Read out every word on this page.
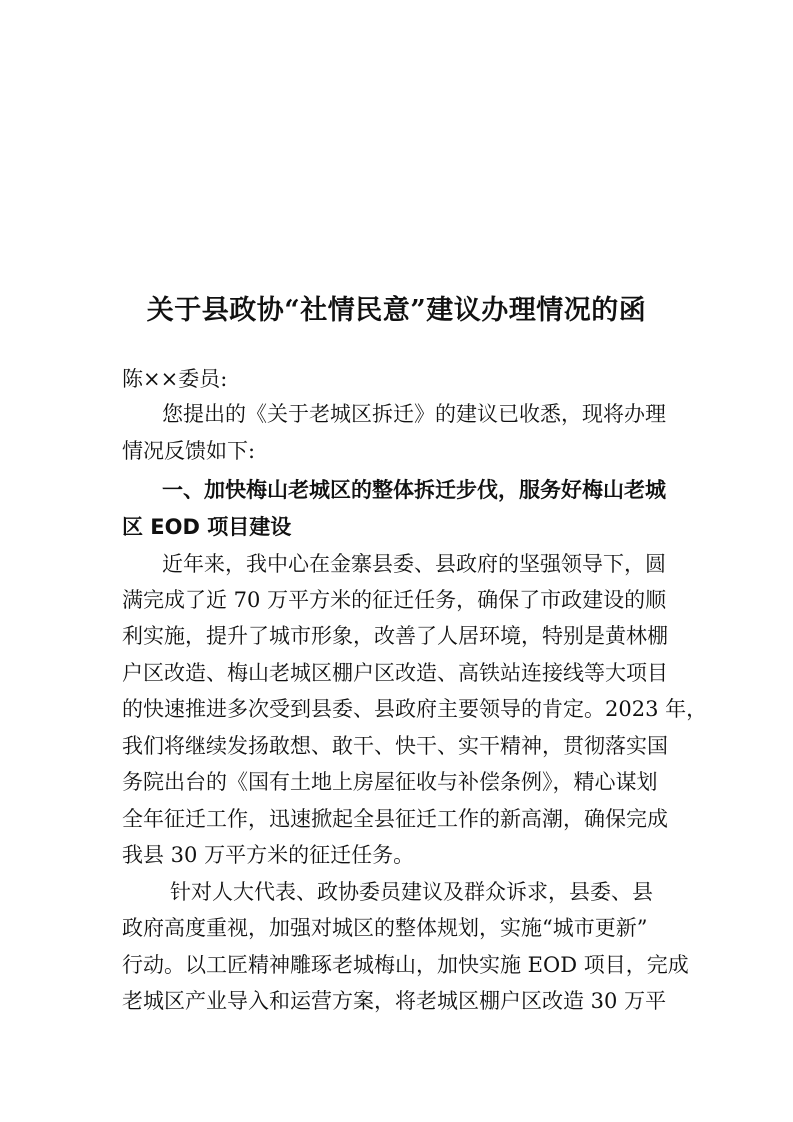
关于县政协“社情民意”建议办理情况的函

陈××委员:

您提出的《关于老城区拆迁》的建议已收悉，现将办理

情况反馈如下:

一、加快梅山老城区的整体拆迁步伐，服务好梅山老城

区 EOD 项目建设

近年来，我中心在金寨县委、县政府的坚强领导下，圆

满完成了近 70 万平方米的征迁任务，确保了市政建设的顺

利实施，提升了城市形象，改善了人居环境，特别是黄林棚

户区改造、梅山老城区棚户区改造、高铁站连接线等大项目

的快速推进多次受到县委、县政府主要领导的肯定。2023 年，

我们将继续发扬敢想、敢干、快干、实干精神，贯彻落实国

务院出台的《国有土地上房屋征收与补偿条例》，精心谋划

全年征迁工作，迅速掀起全县征迁工作的新高潮，确保完成

我县 30 万平方米的征迁任务。

针对人大代表、政协委员建议及群众诉求，县委、县

政府高度重视，加强对城区的整体规划，实施“城市更新”

行动。以工匠精神雕琢老城梅山，加快实施 EOD 项目，完成

老城区产业导入和运营方案，将老城区棚户区改造 30 万平
